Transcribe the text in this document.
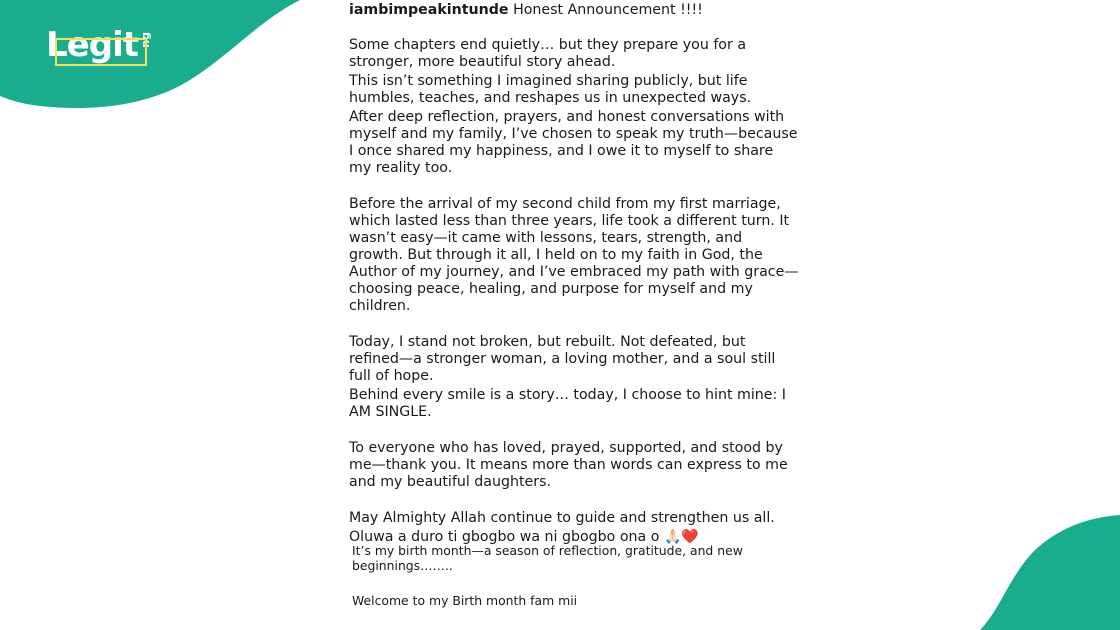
Legit ng

iambimpeakintunde Honest Announcement !!!!

Some chapters end quietly… but they prepare you for a stronger, more beautiful story ahead.

This isn’t something I imagined sharing publicly, but life humbles, teaches, and reshapes us in unexpected ways.

After deep reflection, prayers, and honest conversations with myself and my family, I’ve chosen to speak my truth—because I once shared my happiness, and I owe it to myself to share my reality too.

Before the arrival of my second child from my first marriage, which lasted less than three years, life took a different turn. It wasn’t easy—it came with lessons, tears, strength, and growth. But through it all, I held on to my faith in God, the Author of my journey, and I’ve embraced my path with grace—choosing peace, healing, and purpose for myself and my children.

Today, I stand not broken, but rebuilt. Not defeated, but refined—a stronger woman, a loving mother, and a soul still full of hope.

Behind every smile is a story… today, I choose to hint mine: I AM SINGLE.

To everyone who has loved, prayed, supported, and stood by me—thank you. It means more than words can express to me and my beautiful daughters.

May Almighty Allah continue to guide and strengthen us all.

Oluwa a duro ti gbogbo wa ni gbogbo ona o 🙏🏻❤️

It’s my birth month—a season of reflection, gratitude, and new beginnings……..

Welcome to my Birth month fam mii
